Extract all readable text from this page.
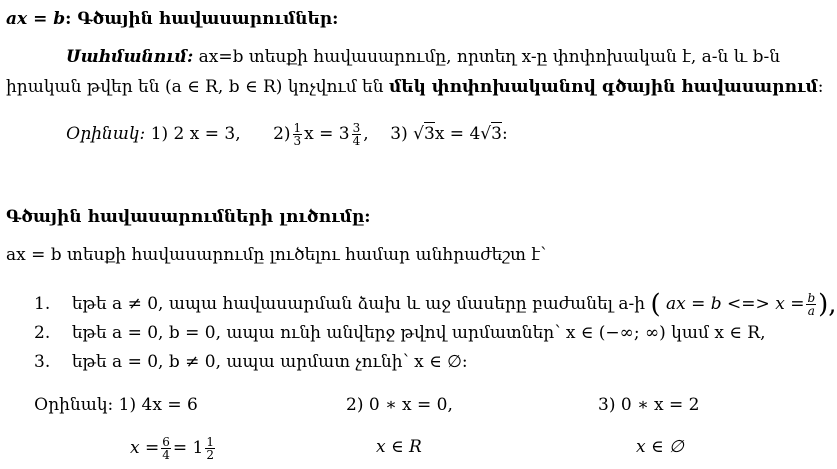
ax = b: Գծային հավասարումներ:
Սահմանում: ax=b տեսքի հավասարումը, որտեղ x-ը փոփոխական է, a-ն և b-ն
իրական թվեր են (a ∈ R, b ∈ R) կոչվում են մեկ փոփոխականով գծային հավասարում:
Օրինակ: 1) 2 x = 3, $2) \frac{1}{3}$ $x = 3 \frac{3}{4}$ , 3) √3x = 4√3:
Գծային հավասարումների լուծումը:
ax = b տեսքի հավասարումը լուծելու համար անհրաժեշտ է՝
1. եթե a ≠ 0, ապա հավասարման ձախ և աջ մասերը բաժանել a-ի ( ax = b <=> $x = \frac{b}{a}$ ),
2. եթե a = 0, b = 0, ապա ունի անվերջ թվով արմատներ՝ x ∈ (−∞; ∞) կամ x ∈ R,
3. եթե a = 0, b ≠ 0, ապա արմատ չունի՝ x ∈ ∅:
Օրինակ: 1) 4x = 6	2) 0 ∗ x = 0,	3) 0 ∗ x = 2
$x = \frac{6}{4} = 1 \frac{1}{2}$	x ∈ R	x ∈ ∅
